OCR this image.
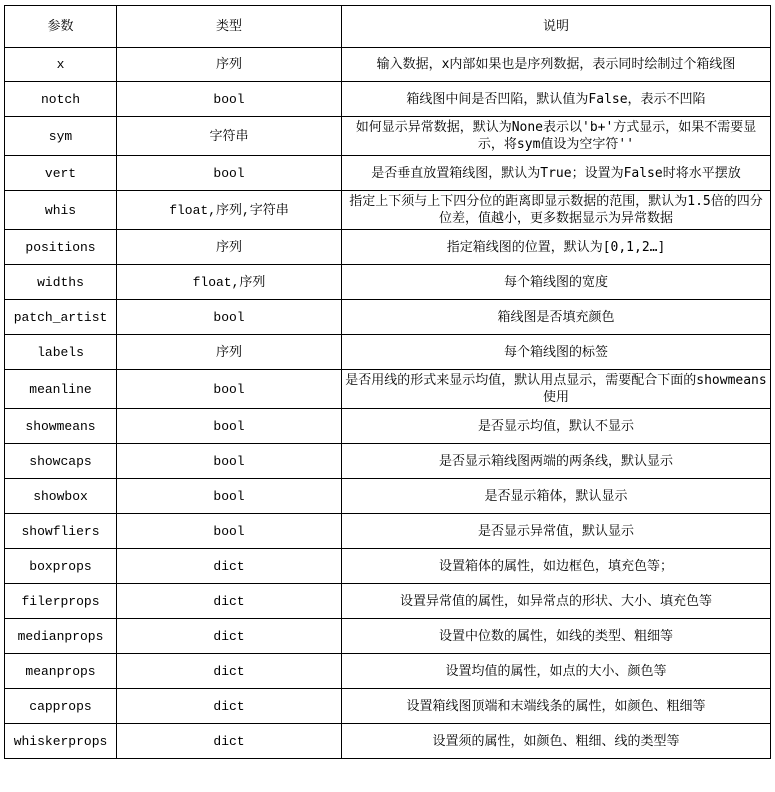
参数	类型	说明
x	序列	输入数据，x内部如果也是序列数据，表示同时绘制过个箱线图
notch	bool	箱线图中间是否凹陷，默认值为False，表示不凹陷
sym	字符串	如何显示异常数据，默认为None表示以'b+'方式显示，如果不需要显示，将sym值设为空字符''
vert	bool	是否垂直放置箱线图，默认为True；设置为False时将水平摆放
whis	float,序列,字符串	指定上下须与上下四分位的距离即显示数据的范围，默认为1.5倍的四分位差，值越小，更多数据显示为异常数据
positions	序列	指定箱线图的位置，默认为[0,1,2…]
widths	float,序列	每个箱线图的宽度
patch_artist	bool	箱线图是否填充颜色
labels	序列	每个箱线图的标签
meanline	bool	是否用线的形式来显示均值，默认用点显示，需要配合下面的showmeans使用
showmeans	bool	是否显示均值，默认不显示
showcaps	bool	是否显示箱线图两端的两条线，默认显示
showbox	bool	是否显示箱体，默认显示
showfliers	bool	是否显示异常值，默认显示
boxprops	dict	设置箱体的属性，如边框色，填充色等；
filerprops	dict	设置异常值的属性，如异常点的形状、大小、填充色等
medianprops	dict	设置中位数的属性，如线的类型、粗细等
meanprops	dict	设置均值的属性，如点的大小、颜色等
capprops	dict	设置箱线图顶端和末端线条的属性，如颜色、粗细等
whiskerprops	dict	设置须的属性，如颜色、粗细、线的类型等
